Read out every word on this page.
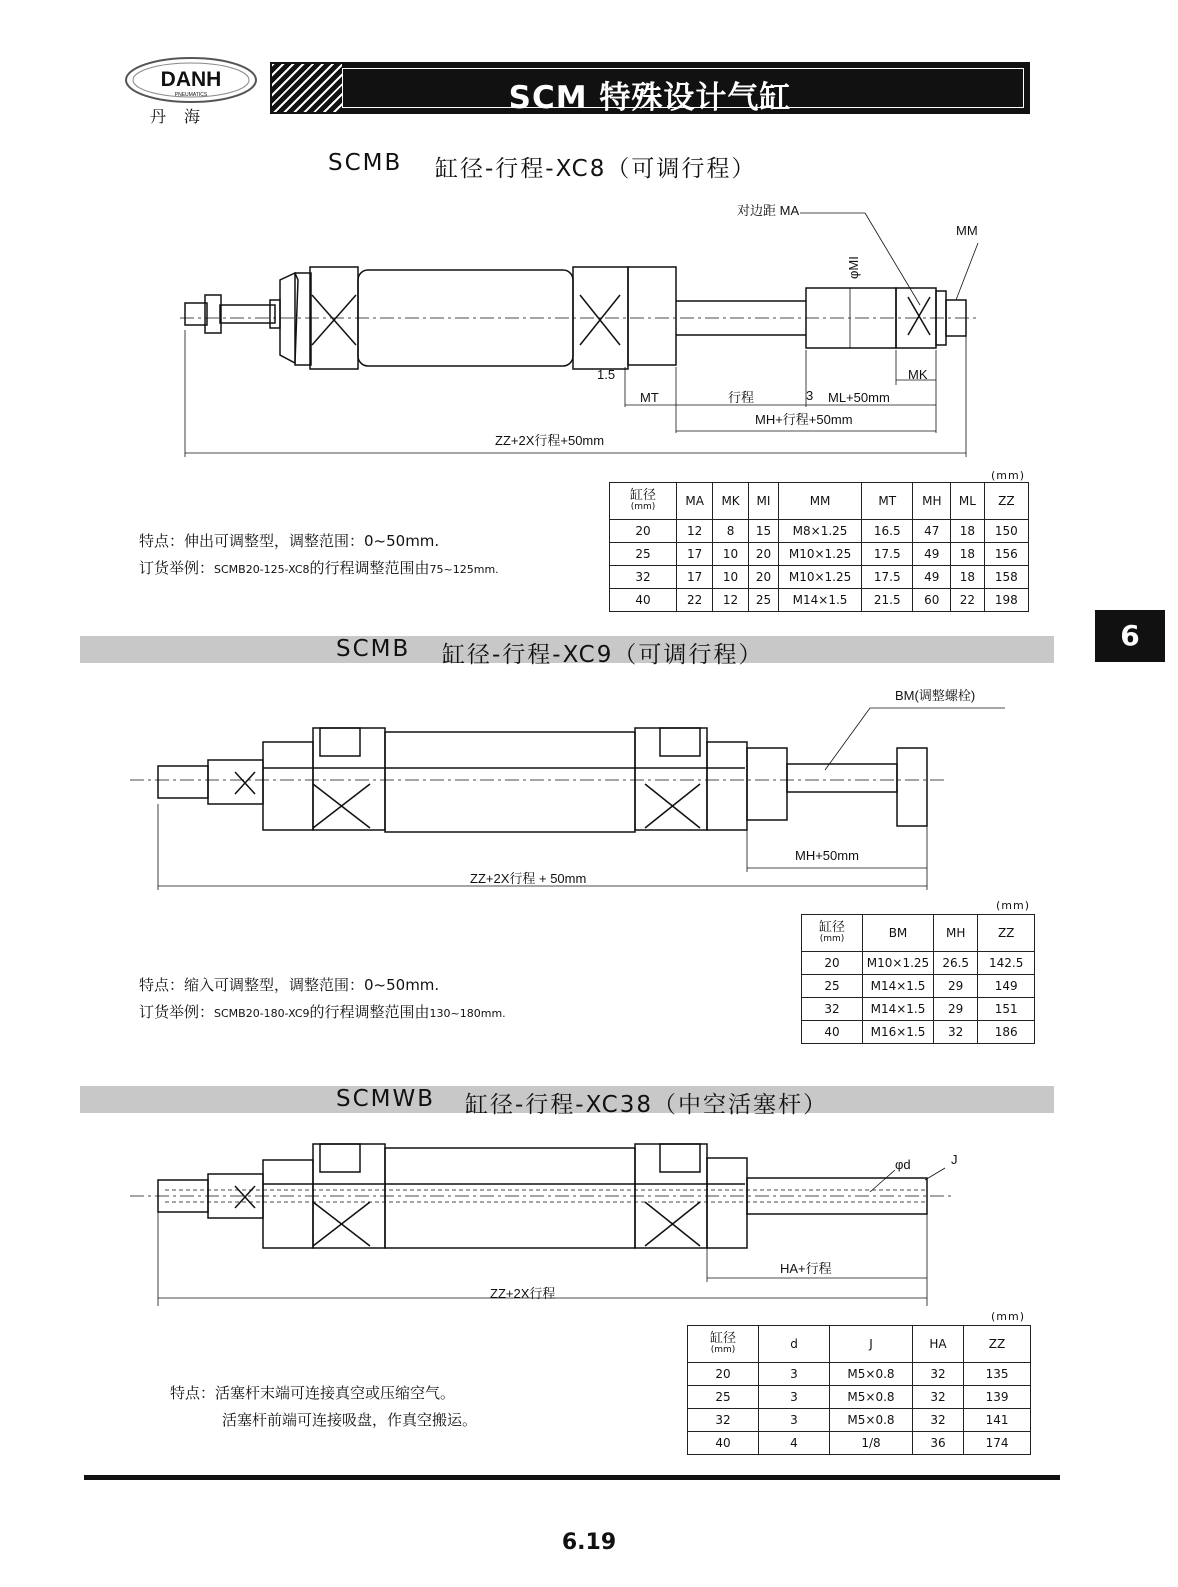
DANH
PNEUMATICS
丹海
SCM 特殊设计气缸
SCMB 缸径-行程-XC8（可调行程）
对边距 MA
MM
φMI
MK
1.5
MT	行程	3 ML+50mm
MH+行程+50mm
ZZ+2X行程+50mm
(mm)
缸径
(mm)	MA	MK	MI	MM	MT	MH	ML	ZZ
20	12	8	15	M8×1.25	16.5	47	18	150
25	17	10	20	M10×1.25	17.5	49	18	156
32	17	10	20	M10×1.25	17.5	49	18	158
40	22	12	25	M14×1.5	21.5	60	22	198
特点：伸出可调整型，调整范围：0~50mm.
订货举例：SCMB20-125-XC8的行程调整范围由75~125mm.
6
SCMB 缸径-行程-XC9（可调行程）
BM(调整螺栓)
MH+50mm
ZZ+2X行程 + 50mm
(mm)
缸径
(mm)	BM	MH	ZZ
20	M10×1.25	26.5	142.5
25	M14×1.5	29	149
32	M14×1.5	29	151
40	M16×1.5	32	186
特点：缩入可调整型，调整范围：0~50mm.
订货举例：SCMB20-180-XC9的行程调整范围由130~180mm.
SCMWB 缸径-行程-XC38（中空活塞杆）
φd	J
HA+行程
ZZ+2X行程
(mm)
缸径
(mm)	d	J	HA	ZZ
20	3	M5×0.8	32	135
25	3	M5×0.8	32	139
32	3	M5×0.8	32	141
40	4	1/8	36	174
特点：活塞杆末端可连接真空或压缩空气。
活塞杆前端可连接吸盘，作真空搬运。
6.19
